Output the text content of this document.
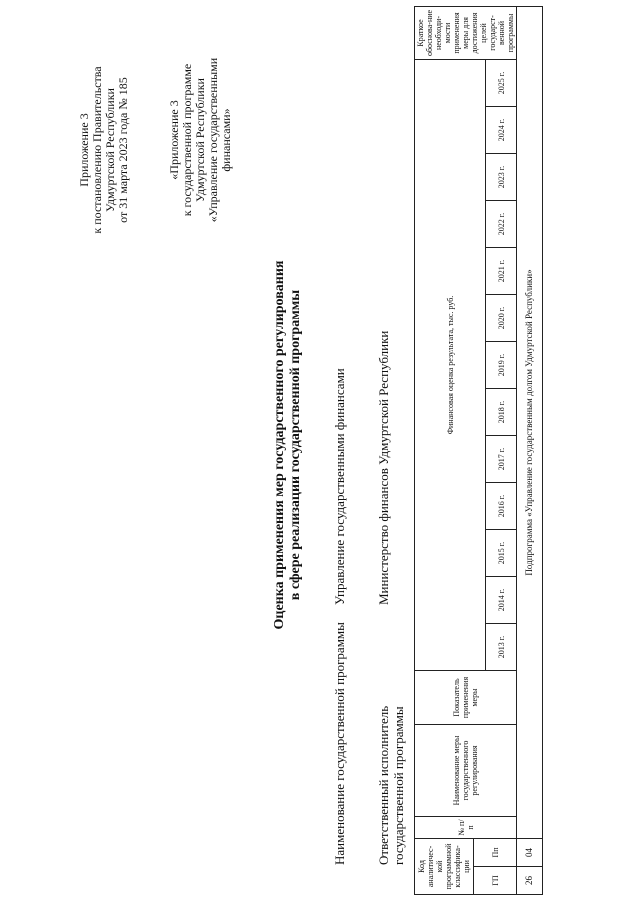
Приложение 3 к постановлению Правительства Удмуртской Республики от 31 марта 2023 года № 185	«Приложение 3 к государственной программе Удмуртской Республики «Управление государственными финансами»
Оценка применения мер государственного регулирования в сфере реализации государственной программы
Наименование государственной программы
Управление государственными финансами
Ответственный исполнитель государственной программы
Министерство финансов Удмуртской Республики
Код аналитичес-кой программной классифика-ции		№ п/п	Наименование меры государственного регулирования	Показатель применения меры	Финансовая оценка результата, тыс. руб.													Краткое обоснова-ние необходи-мости применения меры для достижения целей государст-венной программы
ГП	Пп																	
					2013 г.	2014 г.	2015 г.	2016 г.	2017 г.	2018 г.	2019 г.	2020 г.	2021 г.	2022 г.	2023 г.	2024 г.	2025 г.	
26	04	Подпрограмма «Управление государственным долгом Удмуртской Республики»																
